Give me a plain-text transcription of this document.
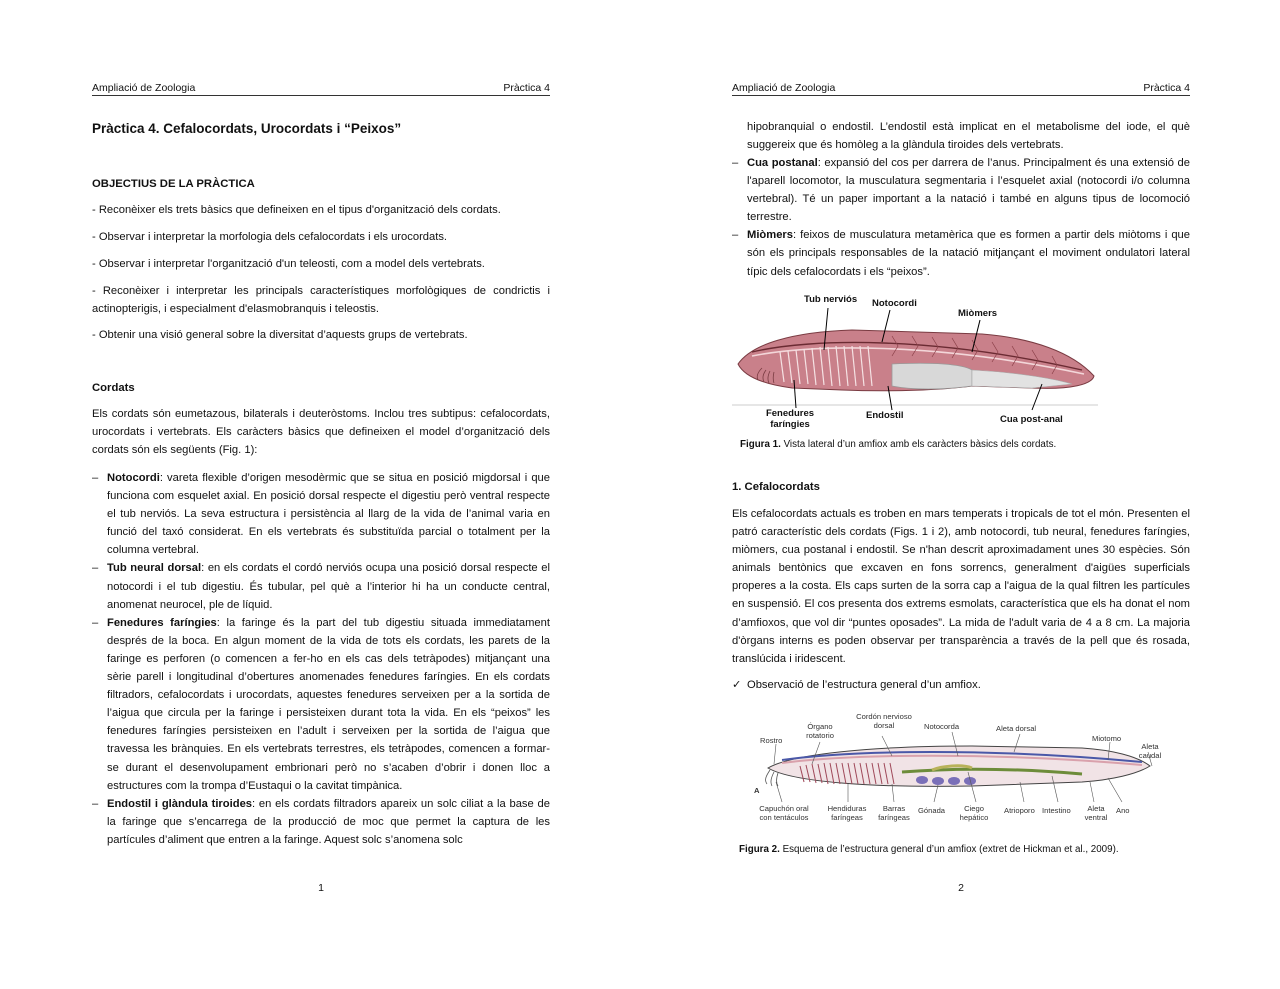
Ampliació de Zoologia	Pràctica 4
Pràctica 4. Cefalocordats, Urocordats i “Peixos”
OBJECTIUS DE LA PRÀCTICA
- Reconèixer els trets bàsics que defineixen en el tipus d'organització dels cordats.
- Observar i interpretar la morfologia dels cefalocordats i els urocordats.
- Observar i interpretar l'organització d'un teleosti, com a model dels vertebrats.
- Reconèixer i interpretar les principals característiques morfològiques de condrictis i actinopterigis, i especialment d'elasmobranquis i teleostis.
- Obtenir una visió general sobre la diversitat d’aquests grups de vertebrats.
Cordats
Els cordats són eumetazous, bilaterals i deuteròstoms. Inclou tres subtipus: cefalocordats, urocordats i vertebrats. Els caràcters bàsics que defineixen el model d’organització dels cordats són els següents (Fig. 1):
– Notocordi: vareta flexible d’origen mesodèrmic que se situa en posició migdorsal i que funciona com esquelet axial. En posició dorsal respecte el digestiu però ventral respecte el tub nerviós. La seva estructura i persistència al llarg de la vida de l’animal varia en funció del taxó considerat. En els vertebrats és substituïda parcial o totalment per la columna vertebral.
– Tub neural dorsal: en els cordats el cordó nerviós ocupa una posició dorsal respecte el notocordi i el tub digestiu. És tubular, pel què a l’interior hi ha un conducte central, anomenat neurocel, ple de líquid.
– Fenedures faríngies: la faringe és la part del tub digestiu situada immediatament després de la boca. En algun moment de la vida de tots els cordats, les parets de la faringe es perforen (o comencen a fer-ho en els cas dels tetràpodes) mitjançant una sèrie parell i longitudinal d’obertures anomenades fenedures faríngies. En els cordats filtradors, cefalocordats i urocordats, aquestes fenedures serveixen per a la sortida de l’aigua que circula per la faringe i persisteixen durant tota la vida. En els “peixos” les fenedures faríngies persisteixen en l’adult i serveixen per la sortida de l’aigua que travessa les brànquies. En els vertebrats terrestres, els tetràpodes, comencen a formar-se durant el desenvolupament embrionari però no s’acaben d’obrir i donen lloc a estructures com la trompa d’Eustaqui o la cavitat timpànica.
– Endostil i glàndula tiroides: en els cordats filtradors apareix un solc ciliat a la base de la faringe que s’encarrega de la producció de moc que permet la captura de les partícules d’aliment que entren a la faringe. Aquest solc s’anomena solc
1
Ampliació de Zoologia	Pràctica 4
hipobranquial o endostil. L’endostil està implicat en el metabolisme del iode, el què suggereix que és homòleg a la glàndula tiroides dels vertebrats.
– Cua postanal: expansió del cos per darrera de l’anus. Principalment és una extensió de l'aparell locomotor, la musculatura segmentaria i l’esquelet axial (notocordi i/o columna vertebral). Té un paper important a la natació i també en alguns tipus de locomoció terrestre.
– Miòmers: feixos de musculatura metamèrica que es formen a partir dels miòtoms i que són els principals responsables de la natació mitjançant el moviment ondulatori lateral típic dels cefalocordats i els “peixos”.
Tub nerviós Notocordi
Miòmers
Fenedures faríngies
Endostil	Cua post-anal
Figura 1. Vista lateral d’un amfiox amb els caràcters bàsics dels cordats.
1. Cefalocordats
Els cefalocordats actuals es troben en mars temperats i tropicals de tot el món. Presenten el patró característic dels cordats (Figs. 1 i 2), amb notocordi, tub neural, fenedures faríngies, miòmers, cua postanal i endostil. Se n'han descrit aproximadament unes 30 espècies. Són animals bentònics que excaven en fons sorrencs, generalment d'aigües superficials properes a la costa. Els caps surten de la sorra cap a l'aigua de la qual filtren les partícules en suspensió. El cos presenta dos extrems esmolats, característica que els ha donat el nom d’amfioxos, que vol dir “puntes oposades”. La mida de l'adult varia de 4 a 8 cm. La majoria d'òrgans interns es poden observar per transparència a través de la pell que és rosada, translúcida i iridescent.
✓ Observació de l’estructura general d’un amfiox.
Rostro
Órgano rotatorio
Cordón nervioso dorsal	Notocorda	Aleta dorsal
Miotomo
Aleta caudal
Capuchón oral con tentáculos
Hendiduras faríngeas
Barras faríngeas
Gónada	Ciego hepático
Atrioporo Intestino	Aleta ventral
Ano
A
Figura 2. Esquema de l’estructura general d’un amfiox (extret de Hickman et al., 2009).
2
